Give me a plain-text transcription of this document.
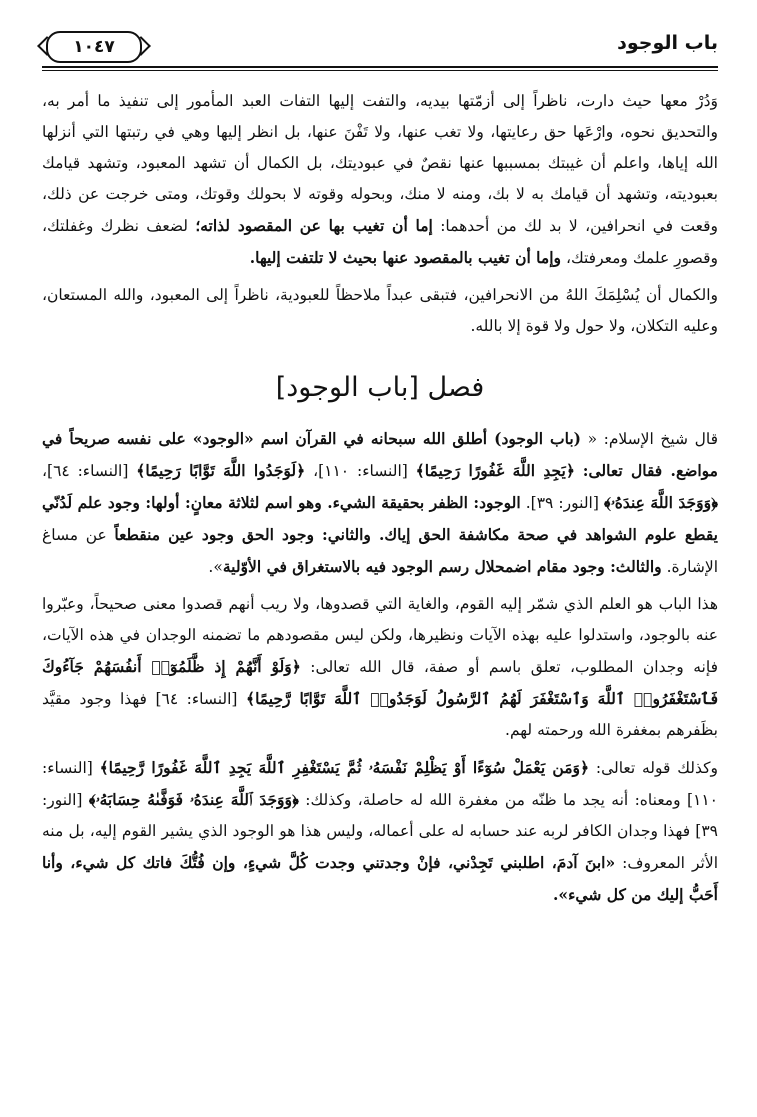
باب الوجود
١٠٤٧

وَدُرْ معها حيث دارت، ناظراً إلى أزمّتها بيديه، والتفت إليها التفات العبد المأمور إلى تنفيذ ما أمر به، والتحديق نحوه، وارْعَها حق رعايتها، ولا تغب عنها، ولا تَفْنَ عنها، بل انظر إليها وهي في رتبتها التي أنزلها الله إياها، واعلم أن غيبتك بمسببها عنها نقصٌ في عبوديتك، بل الكمال أن تشهد المعبود، وتشهد قيامك بعبوديته، وتشهد أن قيامك به لا بك، ومنه لا منك، وبحوله وقوته لا بحولك وقوتك، ومتى خرجت عن ذلك، وقعت في انحرافين، لا بد لك من أحدهما: إما أن تغيب بها عن المقصود لذاته؛ لضعف نظرك وغفلتك، وقصورِ علمك ومعرفتك، وإما أن تغيب بالمقصود عنها بحيث لا تلتفت إليها.

والكمال أن يُسْلِمَكَ اللهُ من الانحرافين، فتبقى عبداً ملاحظاً للعبودية، ناظراً إلى المعبود، والله المستعان، وعليه التكلان، ولا حول ولا قوة إلا بالله.

فصل [باب الوجود]

قال شيخ الإسلام: « (باب الوجود) أطلق الله سبحانه في القرآن اسم «الوجود» على نفسه صريحاً في مواضع. فقال تعالى: ﴿يَجِدِ اللَّهَ غَفُورًا رَحِيمًا﴾ [النساء: ١١٠]، ﴿لَوَجَدُوا اللَّهَ تَوَّابًا رَحِيمًا﴾ [النساء: ٦٤]، ﴿وَوَجَدَ اللَّهَ عِندَهُۥ﴾ [النور: ٣٩]. الوجود: الظفر بحقيقة الشيء. وهو اسم لثلاثة معانٍ: أولها: وجود علم لَدُنّي يقطع علوم الشواهد في صحة مكاشفة الحق إياك. والثاني: وجود الحق وجود عين منقطعاً عن مساغ الإشارة. والثالث: وجود مقام اضمحلال رسم الوجود فيه بالاستغراق في الأوّلية».

هذا الباب هو العلم الذي شمّر إليه القوم، والغاية التي قصدوها، ولا ريب أنهم قصدوا معنى صحيحاً، وعبّروا عنه بالوجود، واستدلوا عليه بهذه الآيات ونظيرها، ولكن ليس مقصودهم ما تضمنه الوجدان في هذه الآيات، فإنه وجدان المطلوب، تعلق باسم أو صفة، قال الله تعالى: ﴿وَلَوْ أَنَّهُمْ إِذ ظَّلَمُوٓا۟ أَنفُسَهُمْ جَآءُوكَ فَٱسْتَغْفَرُوا۟ ٱللَّهَ وَٱسْتَغْفَرَ لَهُمُ ٱلرَّسُولُ لَوَجَدُوا۟ ٱللَّهَ تَوَّابًا رَّحِيمًا﴾ [النساء: ٦٤] فهذا وجود مقيَّد بظَفرهم بمغفرة الله ورحمته لهم.

وكذلك قوله تعالى: ﴿وَمَن يَعْمَلْ سُوٓءًا أَوْ يَظْلِمْ نَفْسَهُۥ ثُمَّ يَسْتَغْفِرِ ٱللَّهَ يَجِدِ ٱللَّهَ غَفُورًا رَّحِيمًا﴾ [النساء: ١١٠] ومعناه: أنه يجد ما ظنّه من مغفرة الله له حاصلة، وكذلك: ﴿وَوَجَدَ ٱللَّهَ عِندَهُۥ فَوَفَّىٰهُ حِسَابَهُۥ﴾ [النور: ٣٩] فهذا وجدان الكافر لربه عند حسابه له على أعماله، وليس هذا هو الوجود الذي يشير القوم إليه، بل منه الأثر المعروف: «ابنَ آدمَ، اطلبني تَجِدْني، فإنْ وجدتني وجدت كُلَّ شيءٍ، وإن فُتُّكَ فاتك كل شيء، وأنا أَحَبُّ إليك من كل شيء».
